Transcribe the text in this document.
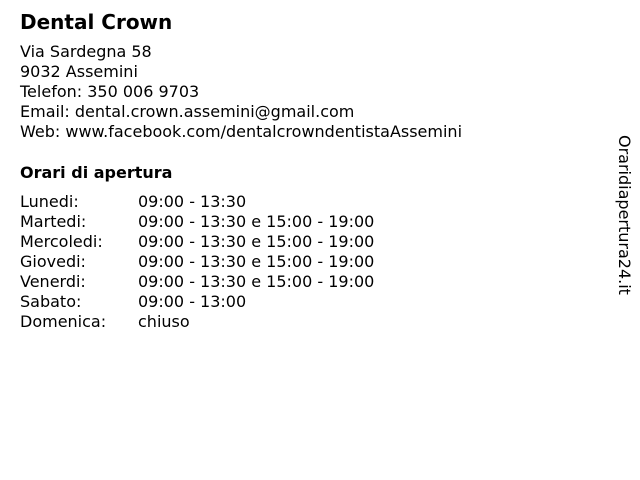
Dental Crown
Via Sardegna 58
9032 Assemini
Telefon: 350 006 9703
Email: dental.crown.assemini@gmail.com
Web: www.facebook.com/dentalcrowndentistaAssemini
Orari di apertura
Lunedi:	09:00 - 13:30
Martedi:	09:00 - 13:30 e 15:00 - 19:00
Mercoledi:	09:00 - 13:30 e 15:00 - 19:00
Giovedi:	09:00 - 13:30 e 15:00 - 19:00
Venerdi:	09:00 - 13:30 e 15:00 - 19:00
Sabato:	09:00 - 13:00
Domenica:	chiuso
Oraridiapertura24.it
